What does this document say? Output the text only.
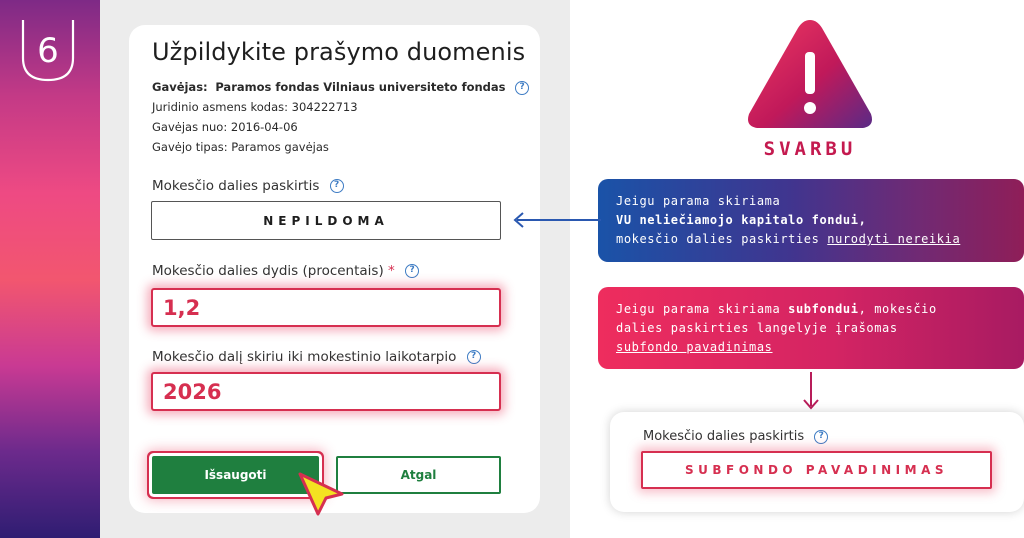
6	Užpildykite prašymo duomenis
Gavėjas: Paramos fondas Vilniaus universiteto fondas ?
Juridinio asmens kodas: 304222713
Gavėjas nuo: 2016-04-06
Gavėjo tipas: Paramos gavėjas
Mokesčio dalies paskirtis ?
NEPILDOMA
Mokesčio dalies dydis (procentais) * ?
1,2
Mokesčio dalį skiriu iki mokestinio laikotarpio ?
2026
Išsaugoti	Atgal
SVARBU
Jeigu parama skiriama
VU neliečiamojo kapitalo fondui,
mokesčio dalies paskirties nurodyti nereikia
Jeigu parama skiriama subfondui, mokesčio
dalies paskirties langelyje įrašomas
subfondo pavadinimas
Mokesčio dalies paskirtis ?
SUBFONDO PAVADINIMAS
